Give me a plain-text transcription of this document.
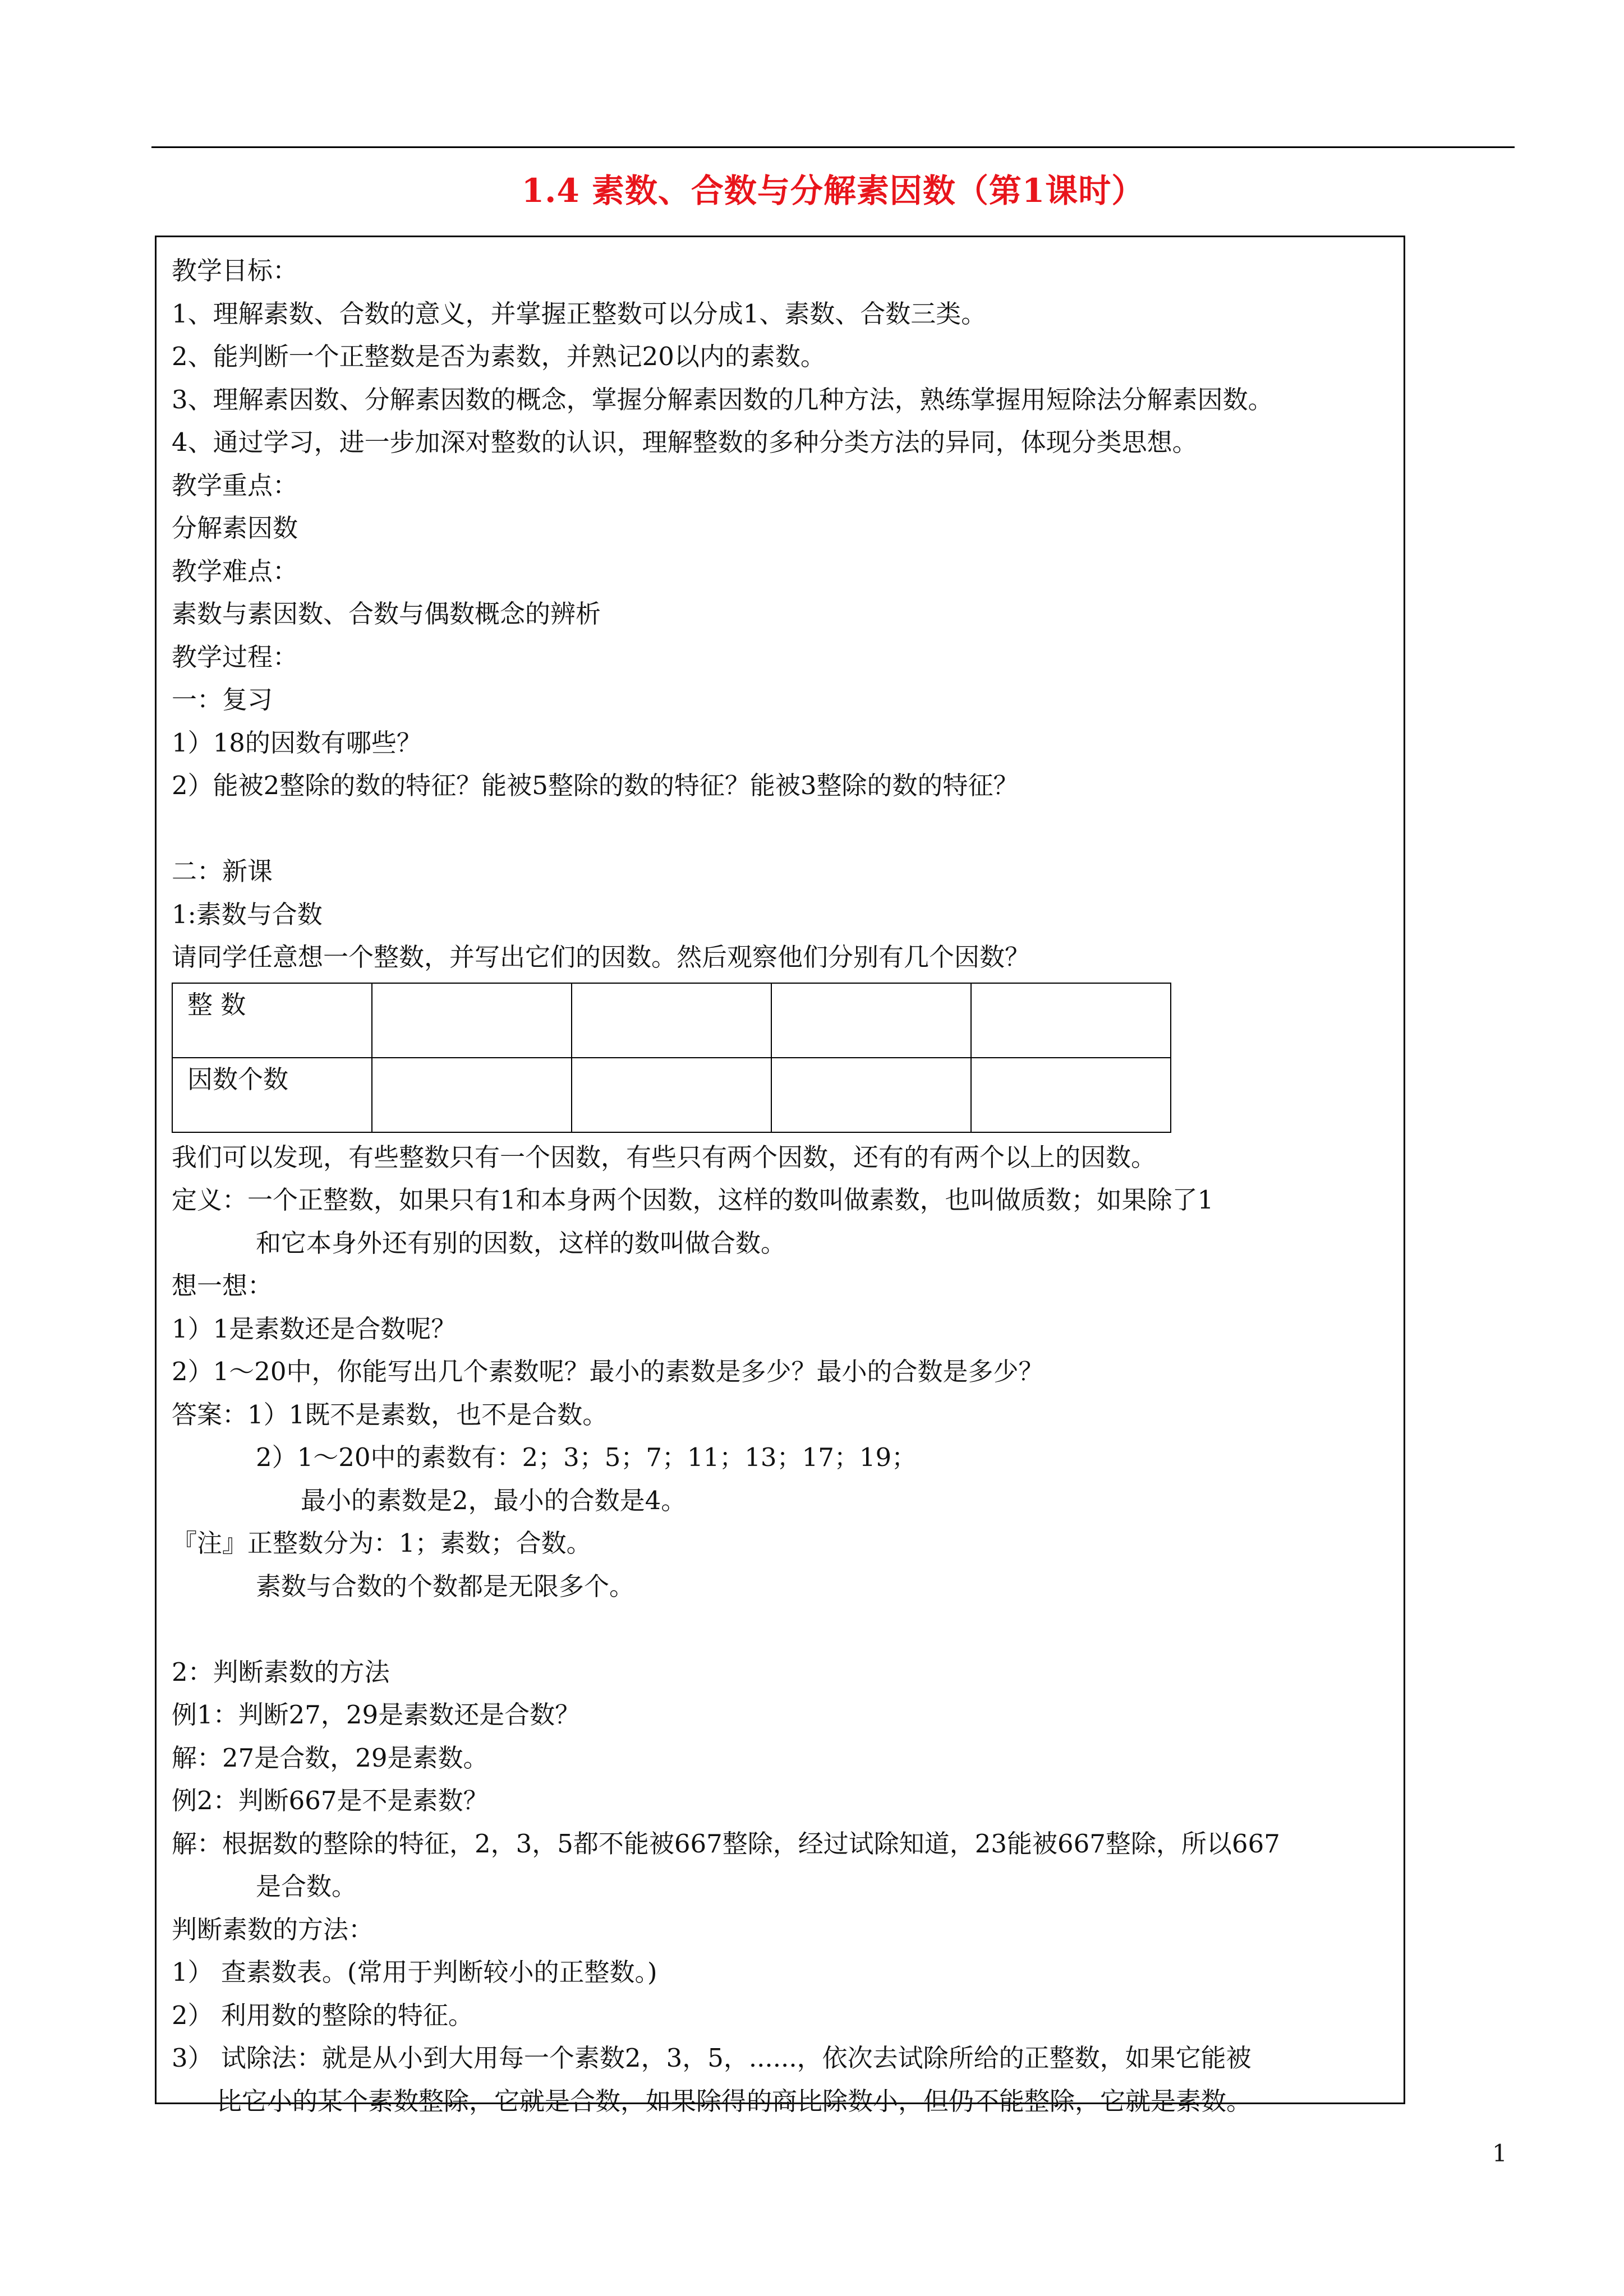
1.4 素数、合数与分解素因数（第1课时）
教学目标：
1、理解素数、合数的意义，并掌握正整数可以分成1、素数、合数三类。
2、能判断一个正整数是否为素数，并熟记20以内的素数。
3、理解素因数、分解素因数的概念，掌握分解素因数的几种方法，熟练掌握用短除法分解素因数。
4、通过学习，进一步加深对整数的认识，理解整数的多种分类方法的异同，体现分类思想。
教学重点：
分解素因数
教学难点：
素数与素因数、合数与偶数概念的辨析
教学过程：
一：复习
1）18的因数有哪些？
2）能被2整除的数的特征？能被5整除的数的特征？能被3整除的数的特征？
二：新课
1:素数与合数
请同学任意想一个整数，并写出它们的因数。然后观察他们分别有几个因数？
整 数				
因数个数				
我们可以发现，有些整数只有一个因数，有些只有两个因数，还有的有两个以上的因数。
定义：一个正整数，如果只有1和本身两个因数，这样的数叫做素数，也叫做质数；如果除了1
和它本身外还有别的因数，这样的数叫做合数。
想一想：
1）1是素数还是合数呢？
2）1～20中，你能写出几个素数呢？最小的素数是多少？最小的合数是多少？
答案：1）1既不是素数，也不是合数。
2）1～20中的素数有：2；3；5；7；11；13；17；19；
最小的素数是2，最小的合数是4。
『注』正整数分为：1；素数；合数。
素数与合数的个数都是无限多个。
2：判断素数的方法
例1：判断27，29是素数还是合数？
解：27是合数，29是素数。
例2：判断667是不是素数？
解：根据数的整除的特征，2，3，5都不能被667整除，经过试除知道，23能被667整除，所以667
是合数。
判断素数的方法：
1） 查素数表。(常用于判断较小的正整数。)
2） 利用数的整除的特征。
3） 试除法：就是从小到大用每一个素数2，3，5，......，依次去试除所给的正整数，如果它能被
比它小的某个素数整除，它就是合数，如果除得的商比除数小，但仍不能整除，它就是素数。
1
